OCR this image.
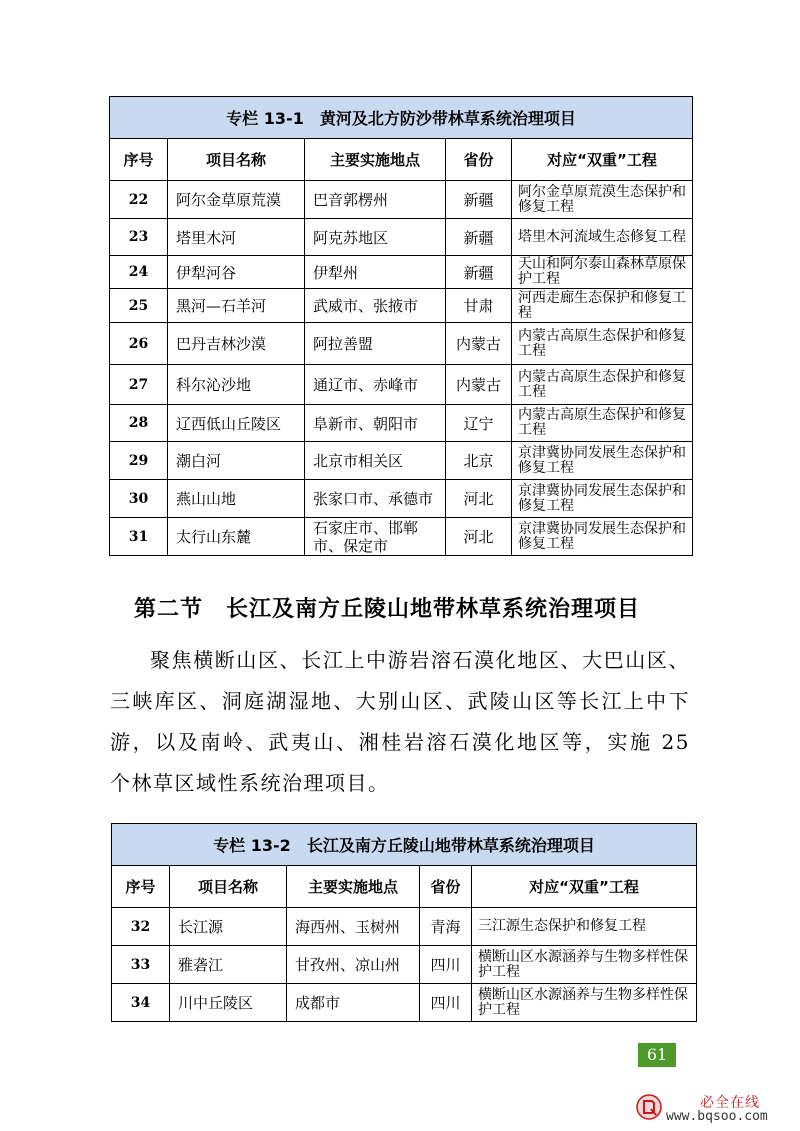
专栏 13-1　黄河及北方防沙带林草系统治理项目				
序号	项目名称	主要实施地点	省份	对应“双重”工程
22	阿尔金草原荒漠	巴音郭楞州	新疆	阿尔金草原荒漠生态保护和修复工程
23	塔里木河	阿克苏地区	新疆	塔里木河流域生态修复工程
24	伊犁河谷	伊犁州	新疆	天山和阿尔泰山森林草原保护工程
25	黑河—石羊河	武威市、张掖市	甘肃	河西走廊生态保护和修复工程
26	巴丹吉林沙漠	阿拉善盟	内蒙古	内蒙古高原生态保护和修复工程
27	科尔沁沙地	通辽市、赤峰市	内蒙古	内蒙古高原生态保护和修复工程
28	辽西低山丘陵区	阜新市、朝阳市	辽宁	内蒙古高原生态保护和修复工程
29	潮白河	北京市相关区	北京	京津冀协同发展生态保护和修复工程
30	燕山山地	张家口市、承德市	河北	京津冀协同发展生态保护和修复工程
31	太行山东麓	石家庄市、邯郸市、保定市	河北	京津冀协同发展生态保护和修复工程
第二节　长江及南方丘陵山地带林草系统治理项目

聚焦横断山区、长江上中游岩溶石漠化地区、大巴山区、三峡库区、洞庭湖湿地、大别山区、武陵山区等长江上中下游，以及南岭、武夷山、湘桂岩溶石漠化地区等，实施 25 个林草区域性系统治理项目。

专栏 13-2　长江及南方丘陵山地带林草系统治理项目				
序号	项目名称	主要实施地点	省份	对应“双重”工程
32	长江源	海西州、玉树州	青海	三江源生态保护和修复工程
33	雅砻江	甘孜州、凉山州	四川	横断山区水源涵养与生物多样性保护工程
34	川中丘陵区	成都市	四川	横断山区水源涵养与生物多样性保护工程
61
必全在线
www.bqsoo.com
